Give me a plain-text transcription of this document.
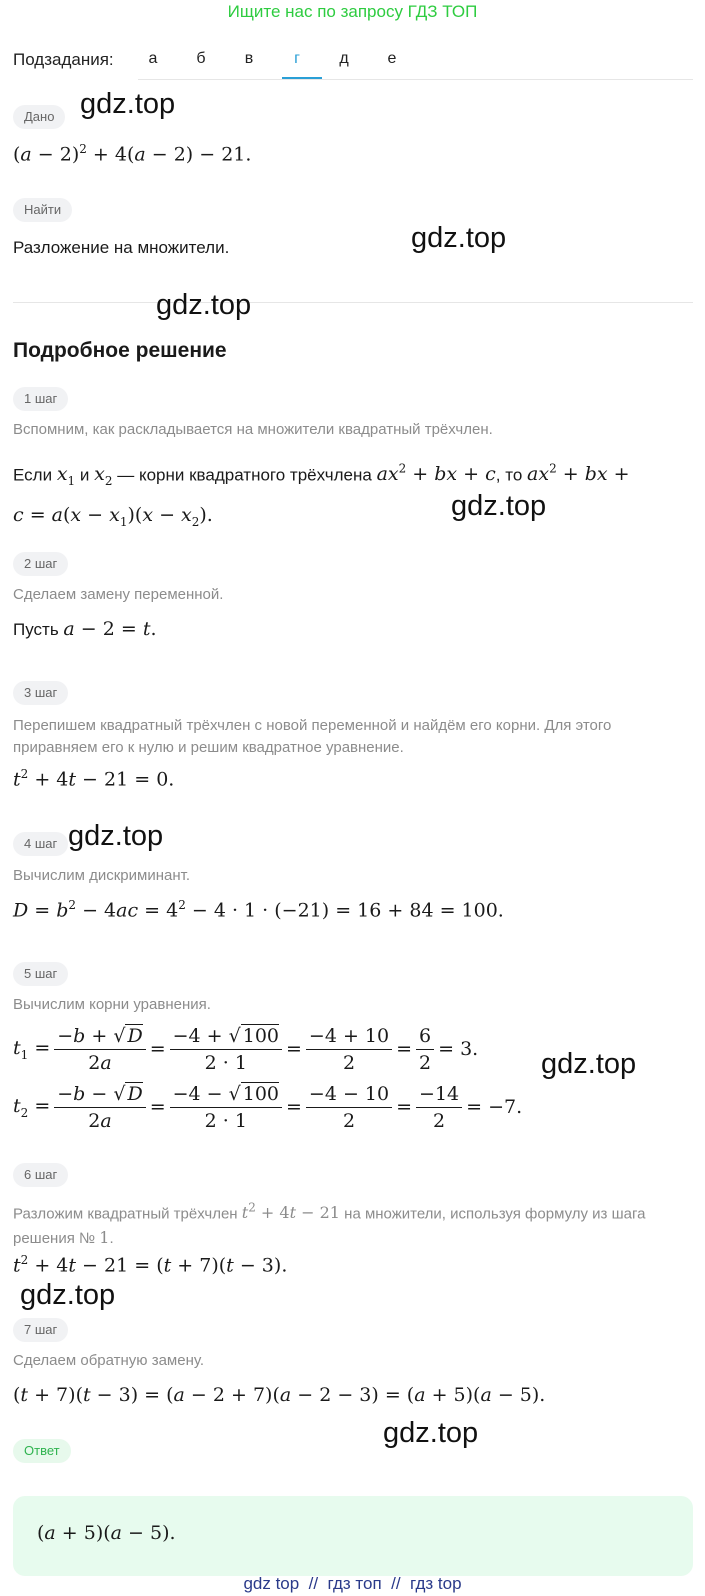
Ищите нас по запросу ГДЗ ТОП
Подзадания:	а	б	в	г	д	е
Дано
$(a - 2)^2 + 4(a - 2) - 21$.
Найти
Разложение на множители.
Подробное решение
1 шаг
Вспомним, как раскладывается на множители квадратный трёхчлен.
Если $x_1$ и $x_2$ — корни квадратного трёхчлена $ax^2$ + bx + c, то $ax^2$ + bx +
$c = a(x - x_1)(x - x_2)$.
2 шаг
Сделаем замену переменной.
Пусть a − 2 = t.
3 шаг
Перепишем квадратный трёхчлен с новой переменной и найдём его корни. Для этого приравняем его к нулю и решим квадратное уравнение.
$t^2 + 4t - 21 = 0$.
4 шаг
Вычислим дискриминант.
$D = b^2 - 4ac = 4^2 - 4 \cdot 1 \cdot (-21) = 16 + 84 = 100$.
5 шаг
Вычислим корни уравнения.
$t_1 = \frac{-b + √ D}{2a} = \frac{-4 + √ 100}{2 \cdot 1} = \frac{-4 + 10}{2} = \frac{6}{2} = 3$.
$t_2 = \frac{-b - √ D}{2a} = \frac{-4 - √ 100}{2 \cdot 1} = \frac{-4 - 10}{2} = \frac{-14}{2} = -7$.
6 шаг
Разложим квадратный трёхчлен $t^2 + 4t - 21$ на множители, используя формулу из шага решения № 1.
$t^2 + 4t - 21 = (t + 7)(t - 3)$.
7 шаг
Сделаем обратную замену.
(t + 7)(t − 3) = (a − 2 + 7)(a − 2 − 3) = (a + 5)(a − 5).
Ответ
(a + 5)(a − 5).
gdz.top
gdz.top
gdz.top
gdz.top
gdz.top
gdz.top
gdz.top
gdz.top
gdz top  //  гдз топ  //  гдз top
